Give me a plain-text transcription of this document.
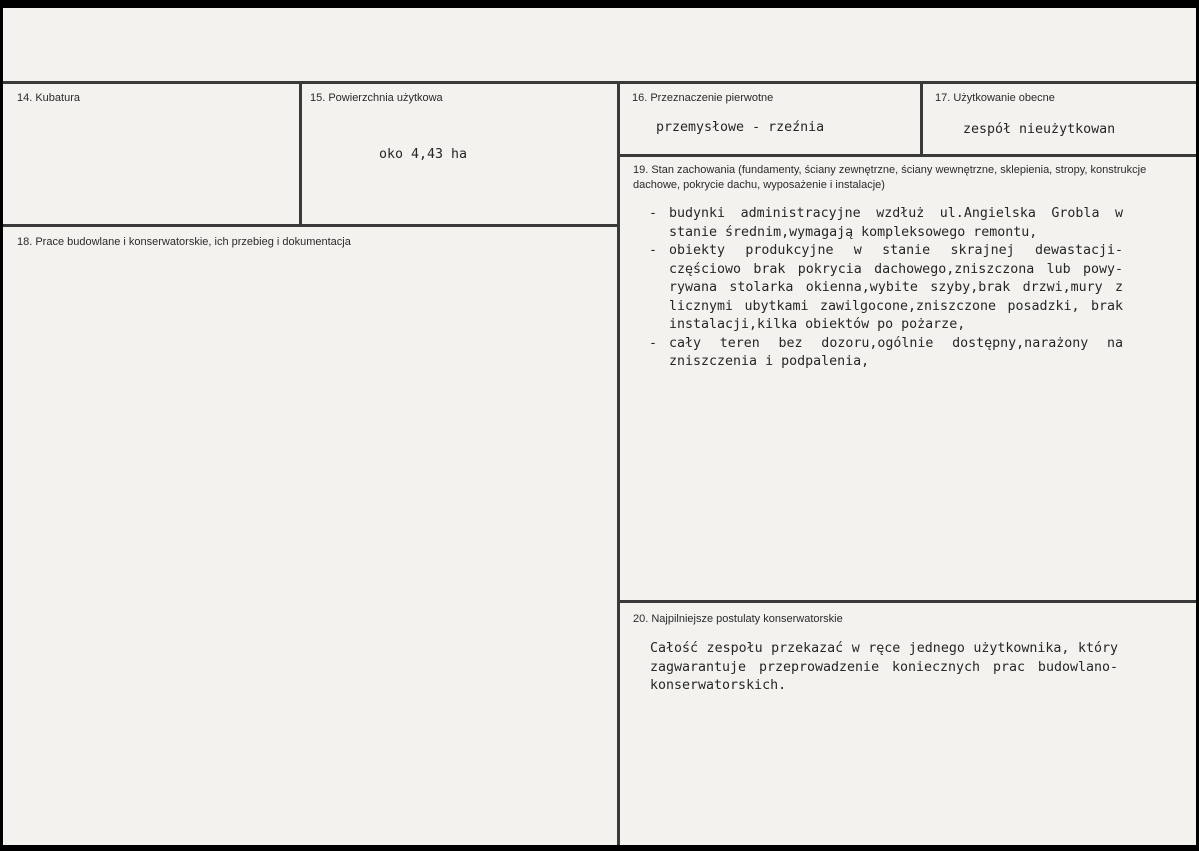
14. Kubatura	15. Powierzchnia użytkowa
oko 4,43 ha
16. Przeznaczenie pierwotne
przemysłowe - rzeźnia
17. Użytkowanie obecne
zespół nieużytkowan
18. Prace budowlane i konserwatorskie, ich przebieg i dokumentacja
19. Stan zachowania (fundamenty, ściany zewnętrzne, ściany wewnętrzne, sklepienia, stropy, konstrukcje dachowe, pokrycie dachu, wyposażenie i instalacje)
- budynki administracyjne wzdłuż ul.Angielska Grobla w stanie średnim,wymagają kompleksowego remontu,
- obiekty produkcyjne w stanie skrajnej dewastacji- częściowo brak pokrycia dachowego,zniszczona lub powy- rywana stolarka okienna,wybite szyby,brak drzwi,mury z licznymi ubytkami zawilgocone,zniszczone posadzki, brak instalacji,kilka obiektów po pożarze,
- cały teren bez dozoru,ogólnie dostępny,narażony na zniszczenia i podpalenia,
20. Najpilniejsze postulaty konserwatorskie
Całość zespołu przekazać w ręce jednego użytkownika, który zagwarantuje przeprowadzenie koniecznych prac budowlano-konserwatorskich.
